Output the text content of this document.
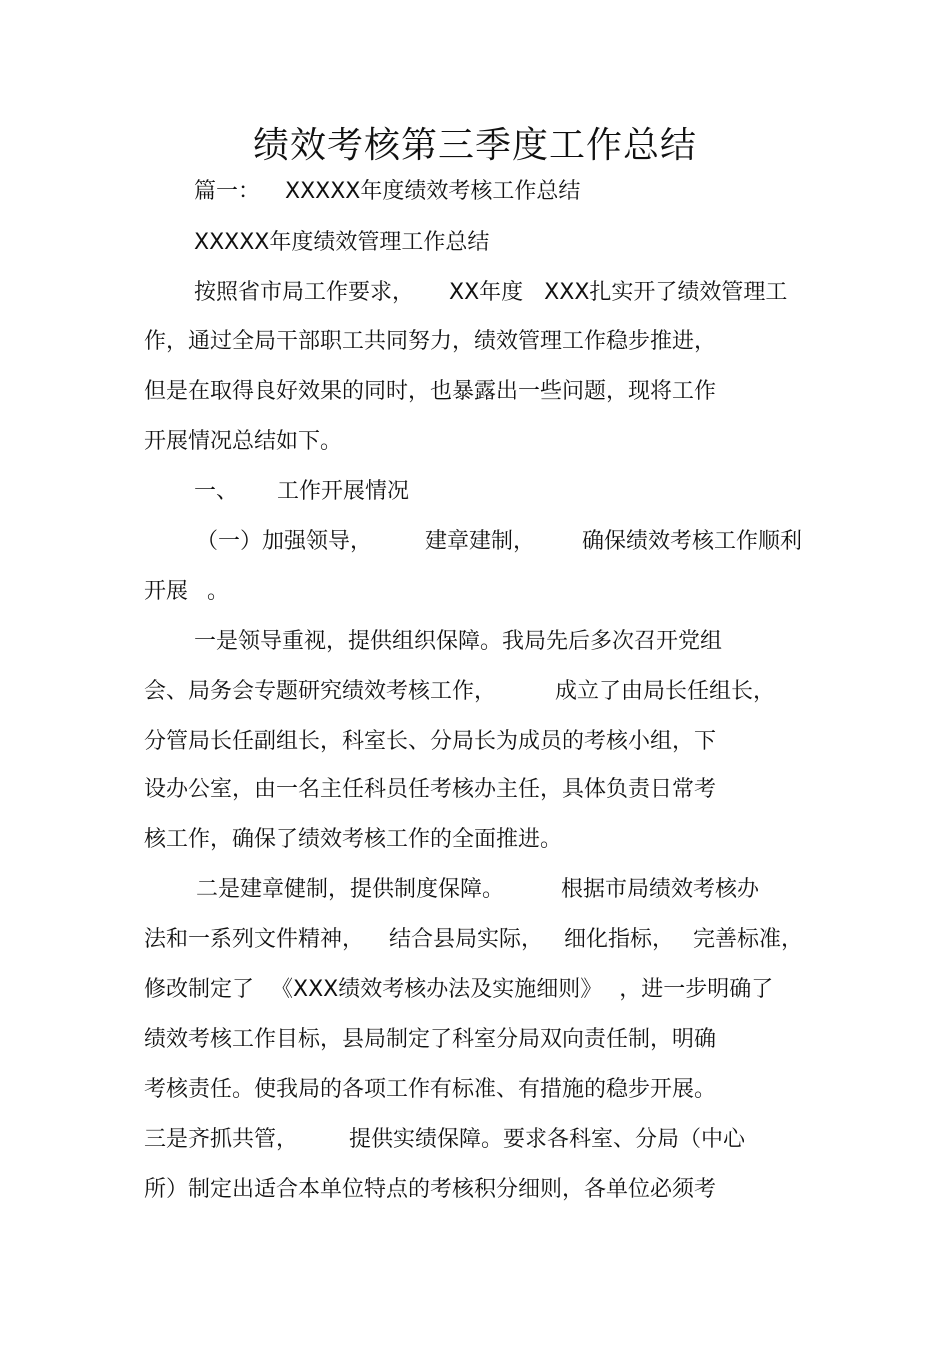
绩效考核第三季度工作总结
篇一： XXXXX年度绩效考核工作总结
XXXXX年度绩效管理工作总结
按照省市局工作要求， XX年度 XXX扎实开了绩效管理工
作，通过全局干部职工共同努力，绩效管理工作稳步推进，
但是在取得良好效果的同时，也暴露出一些问题，现将工作
开展情况总结如下。
一、 工作开展情况
（一）加强领导， 建章建制， 确保绩效考核工作顺利
开展 。
一是领导重视，提供组织保障。我局先后多次召开党组
会、局务会专题研究绩效考核工作，	成立了由局长任组长，
分管局长任副组长，科室长、分局长为成员的考核小组，下
设办公室，由一名主任科员任考核办主任，具体负责日常考
核工作，确保了绩效考核工作的全面推进。
二是建章健制，提供制度保障。	根据市局绩效考核办
法和一系列文件精神， 结合县局实际， 细化指标， 完善标准，
修改制定了 《XXX绩效考核办法及实施细则》 ，进一步明确了
绩效考核工作目标，县局制定了科室分局双向责任制，明确
考核责任。使我局的各项工作有标准、有措施的稳步开展。
三是齐抓共管， 提供实绩保障。要求各科室、分局（中心
所）制定出适合本单位特点的考核积分细则，各单位必须考
